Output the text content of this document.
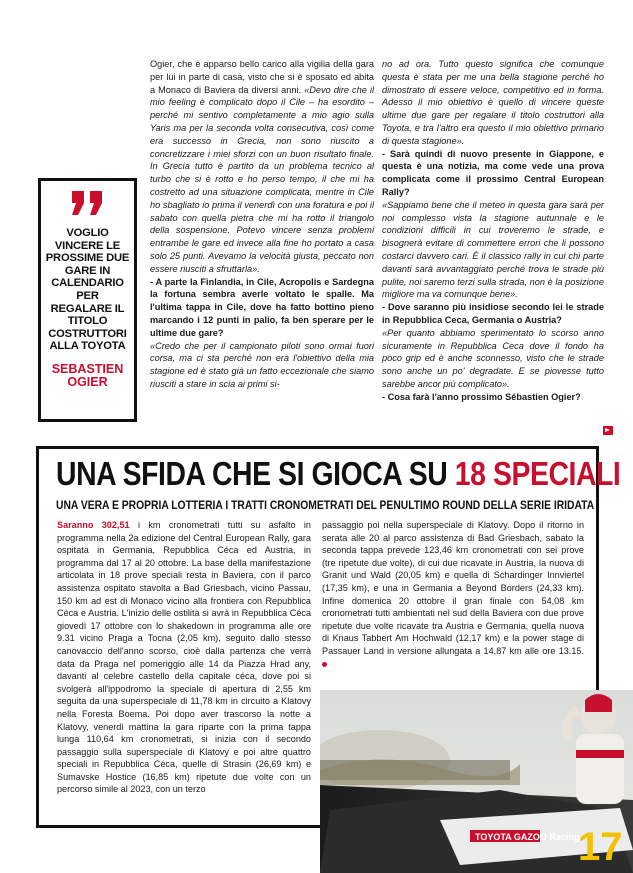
VOGLIO VINCERE LE PROSSIME DUE GARE IN CALENDARIO PER REGALARE IL TITOLO COSTRUTTORI ALLA TOYOTA
SEBASTIEN OGIER

Ogier, che è apparso bello carico alla vigilia della gara per lui in parte di casa, visto che si è sposato ed abita a Monaco di Baviera da diversi anni. «Devo dire che il mio feeling è complicato dopo il Cile – ha esordito – perché mi sentivo completamente a mio agio sulla Yaris ma per la seconda volta consecutiva, così come era successo in Grecia, non sono riuscito a concretizzare i miei sforzi con un buon risultato finale. In Grecia tutto è partito da un problema tecnico al turbo che si è rotto e ho perso tempo, il che mi ha costretto ad una situazione complicata, mentre in Cile ho sbagliato io prima il venerdì con una foratura e poi il sabato con quella pietra che mi ha rotto il triangolo della sospensione. Potevo vincere senza problemi entrambe le gare ed invece alla fine ho portato a casa solo 25 punti. Avevamo la velocità giusta, peccato non essere riusciti a sfruttarla».

- A parte la Finlandia, in Cile, Acropolis e Sardegna la fortuna sembra averle voltato le spalle. Ma l'ultima tappa in Cile, dove ha fatto bottino pieno marcando i 12 punti in palio, fa ben sperare per le ultime due gare?

«Credo che per il campionato piloti sono ormai fuori corsa, ma ci sta perché non era l'obiettivo della mia stagione ed è stato già un fatto eccezionale che siamo riusciti a stare in scia ai primi si-

no ad ora. Tutto questo significa che comunque questa è stata per me una bella stagione perché ho dimostrato di essere veloce, competitivo ed in forma. Adesso il mio obiettivo è quello di vincere queste ultime due gare per regalare il titolo costruttori alla Toyota, e tra l'altro era questo il mio obiettivo primario di questa stagione».

- Sarà quindi di nuovo presente in Giappone, e questa è una notizia, ma come vede una prova complicata come il prossimo Central European Rally?

«Sappiamo bene che il meteo in questa gara sarà per noi complesso vista la stagione autunnale e le condizioni difficili in cui troveremo le strade, e bisognerà evitare di commettere errori che li possono costarci davvero cari. È il classico rally in cui chi parte davanti sarà avvantaggiato perché trova le strade più pulite, noi saremo terzi sulla strada, non è la posizione migliore ma va comunque bene».

- Dove saranno più insidiose secondo lei le strade in Repubblica Ceca, Germania o Austria?

«Per quanto abbiamo sperimentato lo scorso anno sicuramente in Repubblica Ceca dove il fondo ha poco grip ed è anche sconnesso, visto che le strade sono anche un po' degradate. E se piovesse tutto sarebbe ancor più complicato».

- Cosa farà l'anno prossimo Sébastien Ogier?

UNA SFIDA CHE SI GIOCA SU 18 SPECIALI
UNA VERA E PROPRIA LOTTERIA I TRATTI CRONOMETRATI DEL PENULTIMO ROUND DELLA SERIE IRIDATA

Saranno 302,51 i km cronometrati tutti su asfalto in programma nella 2a edizione del Central European Rally, gara ospitata in Germania, Repubblica Céca ed Austria, in programma dal 17 al 20 ottobre. La base della manifestazione articolata in 18 prove speciali resta in Baviera, con il parco assistenza ospitato stavolta a Bad Griesbach, vicino Passau, 150 km ad est di Monaco vicino alla frontiera con Repubblica Céca e Austria. L'inizio delle ostilità si avrà in Repubblica Céca giovedì 17 ottobre con lo shakedown in programma alle ore 9.31 vicino Praga a Tocna (2,05 km), seguito dallo stesso canovaccio dell'anno scorso, cioè dalla partenza che verrà data da Praga nel pomeriggio alle 14 da Piazza Hrad any, davanti al celebre castello della capitale céca, dove poi si svolgerà all'ippodromo la speciale di apertura di 2,55 km seguita da una superspeciale di 11,78 km in circuito a Klatovy nella Foresta Boema. Poi dopo aver trascorso la notte a Klatovy, venerdì mattina la gara riparte con la prima tappa lunga 110,64 km cronometrati, si inizia con il secondo passaggio sulla superspeciale di Klatovy e poi altre quattro speciali in Repubblica Céca, quelle di Strasin (26,69 km) e Sumavske Hostice (16,85 km) ripetute due volte con un percorso simile al 2023, con un terzo

passaggio poi nella superspeciale di Klatovy. Dopo il ritorno in serata alle 20 al parco assistenza di Bad Griesbach, sabato la seconda tappa prevede 123,46 km cronometrati con sei prove (tre ripetute due volte), di cui due ricavate in Austria, la nuova di Granit und Wald (20,05 km) e quella di Schardinger Innviertel (17,35 km), e una in Germania a Beyond Borders (24,33 km). Infine domenica 20 ottobre il gran finale con 54,08 km cronometrati tutti ambientati nel sud della Baviera con due prove ripetute due volte ricavate tra Austria e Germania, quella nuova di Knaus Tabbert Am Hochwald (12,17 km) e la power stage di Passauer Land in versione allungata a 14,87 km alle ore 13.15.

TOYOTA GAZOO Racing
17
